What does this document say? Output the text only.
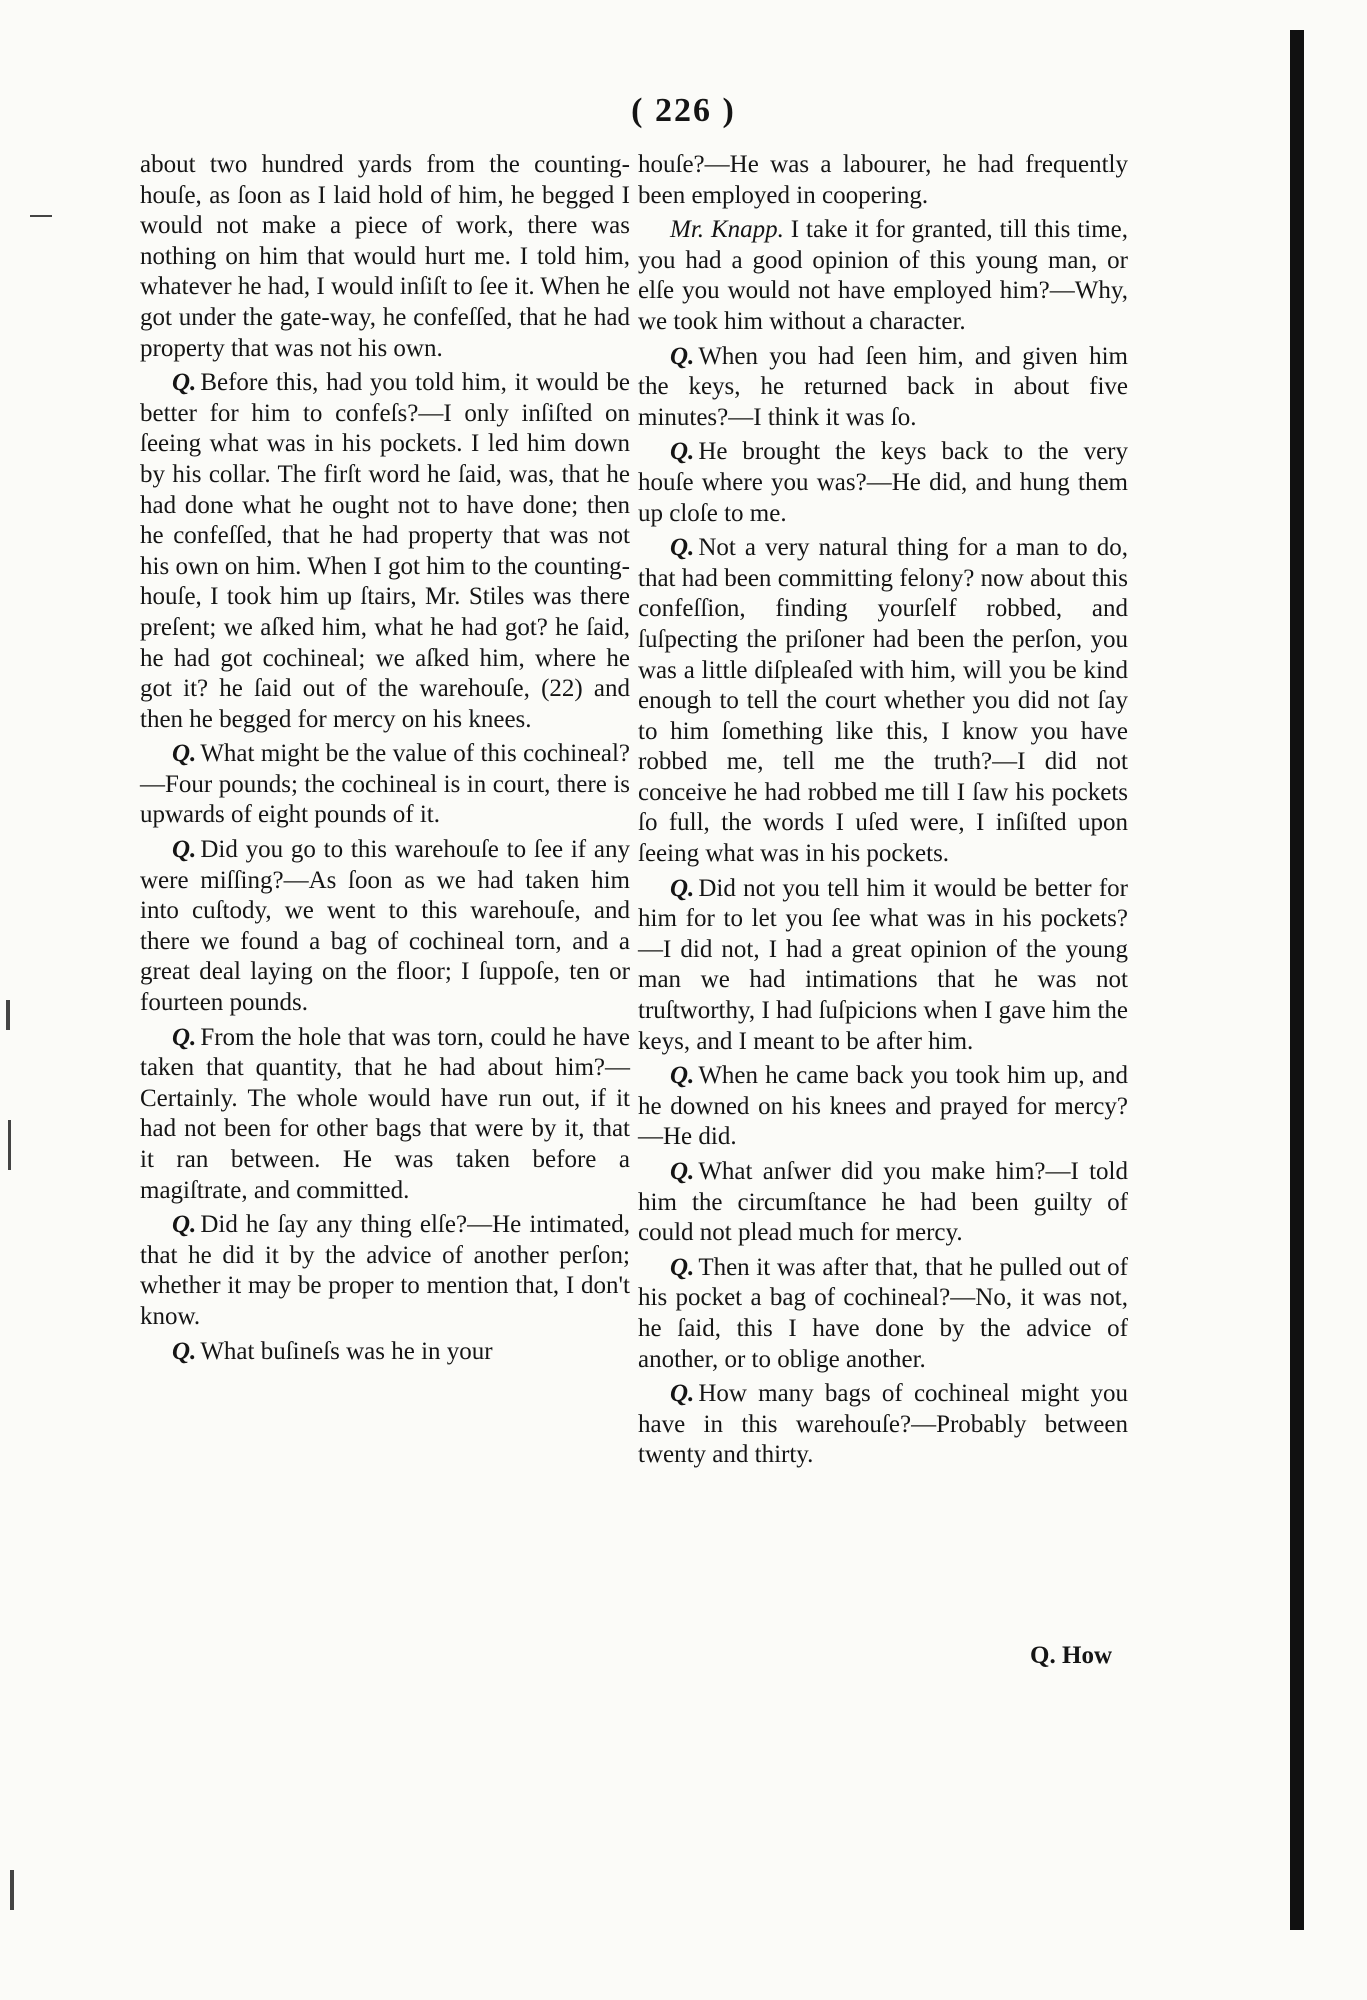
( 226 )

about two hundred yards from the counting-houſe, as ſoon as I laid hold of him, he begged I would not make a piece of work, there was nothing on him that would hurt me. I told him, whatever he had, I would inſiſt to ſee it. When he got under the gate-way, he confeſſed, that he had property that was not his own.

Q. Before this, had you told him, it would be better for him to confeſs?—I only inſiſted on ſeeing what was in his pockets. I led him down by his collar. The firſt word he ſaid, was, that he had done what he ought not to have done; then he confeſſed, that he had property that was not his own on him. When I got him to the counting-houſe, I took him up ſtairs, Mr. Stiles was there preſent; we aſked him, what he had got? he ſaid, he had got cochineal; we aſked him, where he got it? he ſaid out of the warehouſe, (22) and then he begged for mercy on his knees.

Q. What might be the value of this cochineal?—Four pounds; the cochineal is in court, there is upwards of eight pounds of it.

Q. Did you go to this warehouſe to ſee if any were miſſing?—As ſoon as we had taken him into cuſtody, we went to this warehouſe, and there we found a bag of cochineal torn, and a great deal laying on the floor; I ſuppoſe, ten or fourteen pounds.

Q. From the hole that was torn, could he have taken that quantity, that he had about him?—Certainly. The whole would have run out, if it had not been for other bags that were by it, that it ran between. He was taken before a magiſtrate, and committed.

Q. Did he ſay any thing elſe?—He intimated, that he did it by the advice of another perſon; whether it may be proper to mention that, I don't know.

Q. What buſineſs was he in your

houſe?—He was a labourer, he had frequently been employed in coopering.

Mr. Knapp. I take it for granted, till this time, you had a good opinion of this young man, or elſe you would not have employed him?—Why, we took him without a character.

Q. When you had ſeen him, and given him the keys, he returned back in about five minutes?—I think it was ſo.

Q. He brought the keys back to the very houſe where you was?—He did, and hung them up cloſe to me.

Q. Not a very natural thing for a man to do, that had been committing felony? now about this confeſſion, finding yourſelf robbed, and ſuſpecting the priſoner had been the perſon, you was a little diſpleaſed with him, will you be kind enough to tell the court whether you did not ſay to him ſomething like this, I know you have robbed me, tell me the truth?—I did not conceive he had robbed me till I ſaw his pockets ſo full, the words I uſed were, I inſiſted upon ſeeing what was in his pockets.

Q. Did not you tell him it would be better for him for to let you ſee what was in his pockets?—I did not, I had a great opinion of the young man we had intimations that he was not truſtworthy, I had ſuſpicions when I gave him the keys, and I meant to be after him.

Q. When he came back you took him up, and he downed on his knees and prayed for mercy?—He did.

Q. What anſwer did you make him?—I told him the circumſtance he had been guilty of could not plead much for mercy.

Q. Then it was after that, that he pulled out of his pocket a bag of cochineal?—No, it was not, he ſaid, this I have done by the advice of another, or to oblige another.

Q. How many bags of cochineal might you have in this warehouſe?—Probably between twenty and thirty.

Q. How
